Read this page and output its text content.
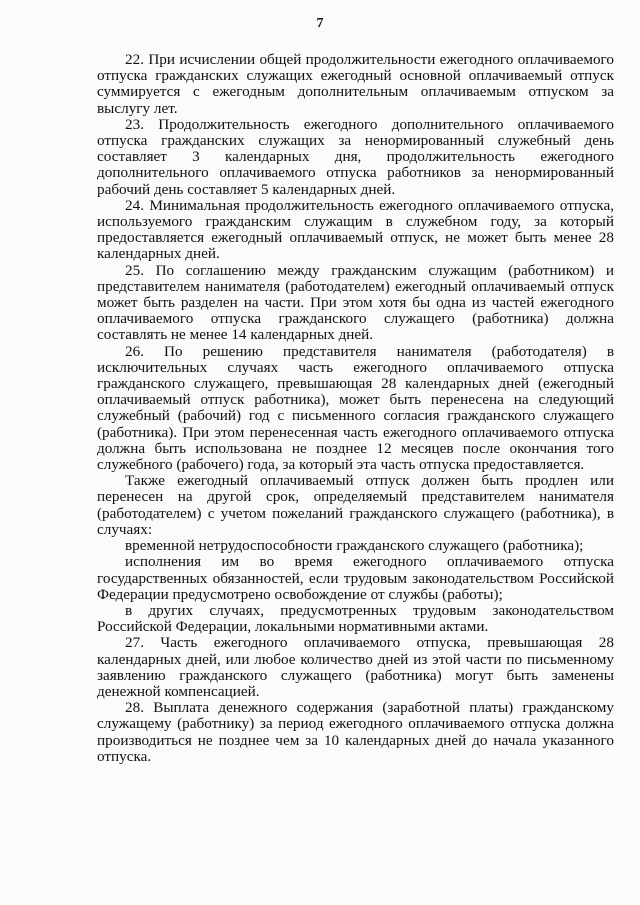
7

22. При исчислении общей продолжительности ежегодного оплачиваемого отпуска гражданских служащих ежегодный основной оплачиваемый отпуск суммируется с ежегодным дополнительным оплачиваемым отпуском за выслугу лет.

23. Продолжительность ежегодного дополнительного оплачиваемого отпуска гражданских служащих за ненормированный служебный день составляет 3 календарных дня, продолжительность ежегодного дополнительного оплачиваемого отпуска работников за ненормированный рабочий день составляет 5 календарных дней.

24. Минимальная продолжительность ежегодного оплачиваемого отпуска, используемого гражданским служащим в служебном году, за который предоставляется ежегодный оплачиваемый отпуск, не может быть менее 28 календарных дней.

25. По соглашению между гражданским служащим (работником) и представителем нанимателя (работодателем) ежегодный оплачиваемый отпуск может быть разделен на части. При этом хотя бы одна из частей ежегодного оплачиваемого отпуска гражданского служащего (работника) должна составлять не менее 14 календарных дней.

26. По решению представителя нанимателя (работодателя) в исключительных случаях часть ежегодного оплачиваемого отпуска гражданского служащего, превышающая 28 календарных дней (ежегодный оплачиваемый отпуск работника), может быть перенесена на следующий служебный (рабочий) год с письменного согласия гражданского служащего (работника). При этом перенесенная часть ежегодного оплачиваемого отпуска должна быть использована не позднее 12 месяцев после окончания того служебного (рабочего) года, за который эта часть отпуска предоставляется.

Также ежегодный оплачиваемый отпуск должен быть продлен или перенесен на другой срок, определяемый представителем нанимателя (работодателем) с учетом пожеланий гражданского служащего (работника), в случаях:

временной нетрудоспособности гражданского служащего (работника);

исполнения им во время ежегодного оплачиваемого отпуска государственных обязанностей, если трудовым законодательством Российской Федерации предусмотрено освобождение от службы (работы);

в других случаях, предусмотренных трудовым законодательством Российской Федерации, локальными нормативными актами.

27. Часть ежегодного оплачиваемого отпуска, превышающая 28 календарных дней, или любое количество дней из этой части по письменному заявлению гражданского служащего (работника) могут быть заменены денежной компенсацией.

28. Выплата денежного содержания (заработной платы) гражданскому служащему (работнику) за период ежегодного оплачиваемого отпуска должна производиться не позднее чем за 10 календарных дней до начала указанного отпуска.
